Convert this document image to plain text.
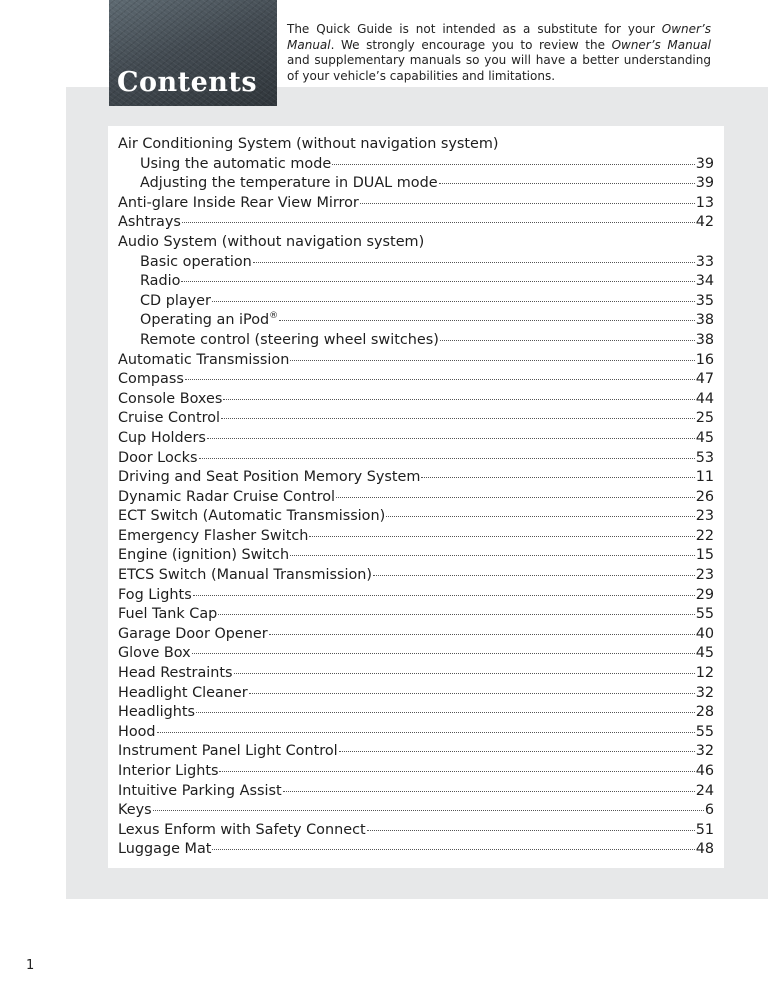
Contents
The Quick Guide is not intended as a substitute for your Owner’s Manual. We strongly encourage you to review the Owner’s Manual and supplementary manuals so you will have a better understanding of your vehicle’s capabilities and limitations.
Air Conditioning System (without navigation system)
Using the automatic mode	39
Adjusting the temperature in DUAL mode	39
Anti-glare Inside Rear View Mirror	13
Ashtrays	42
Audio System (without navigation system)
Basic operation	33
Radio	34
CD player	35
Operating an iPod®	38
Remote control (steering wheel switches)	38
Automatic Transmission	16
Compass	47
Console Boxes	44
Cruise Control	25
Cup Holders	45
Door Locks	53
Driving and Seat Position Memory System	11
Dynamic Radar Cruise Control	26
ECT Switch (Automatic Transmission)	23
Emergency Flasher Switch	22
Engine (ignition) Switch	15
ETCS Switch (Manual Transmission)	23
Fog Lights	29
Fuel Tank Cap	55
Garage Door Opener	40
Glove Box	45
Head Restraints	12
Headlight Cleaner	32
Headlights	28
Hood	55
Instrument Panel Light Control	32
Interior Lights	46
Intuitive Parking Assist	24
Keys	6
Lexus Enform with Safety Connect	51
Luggage Mat	48
1
